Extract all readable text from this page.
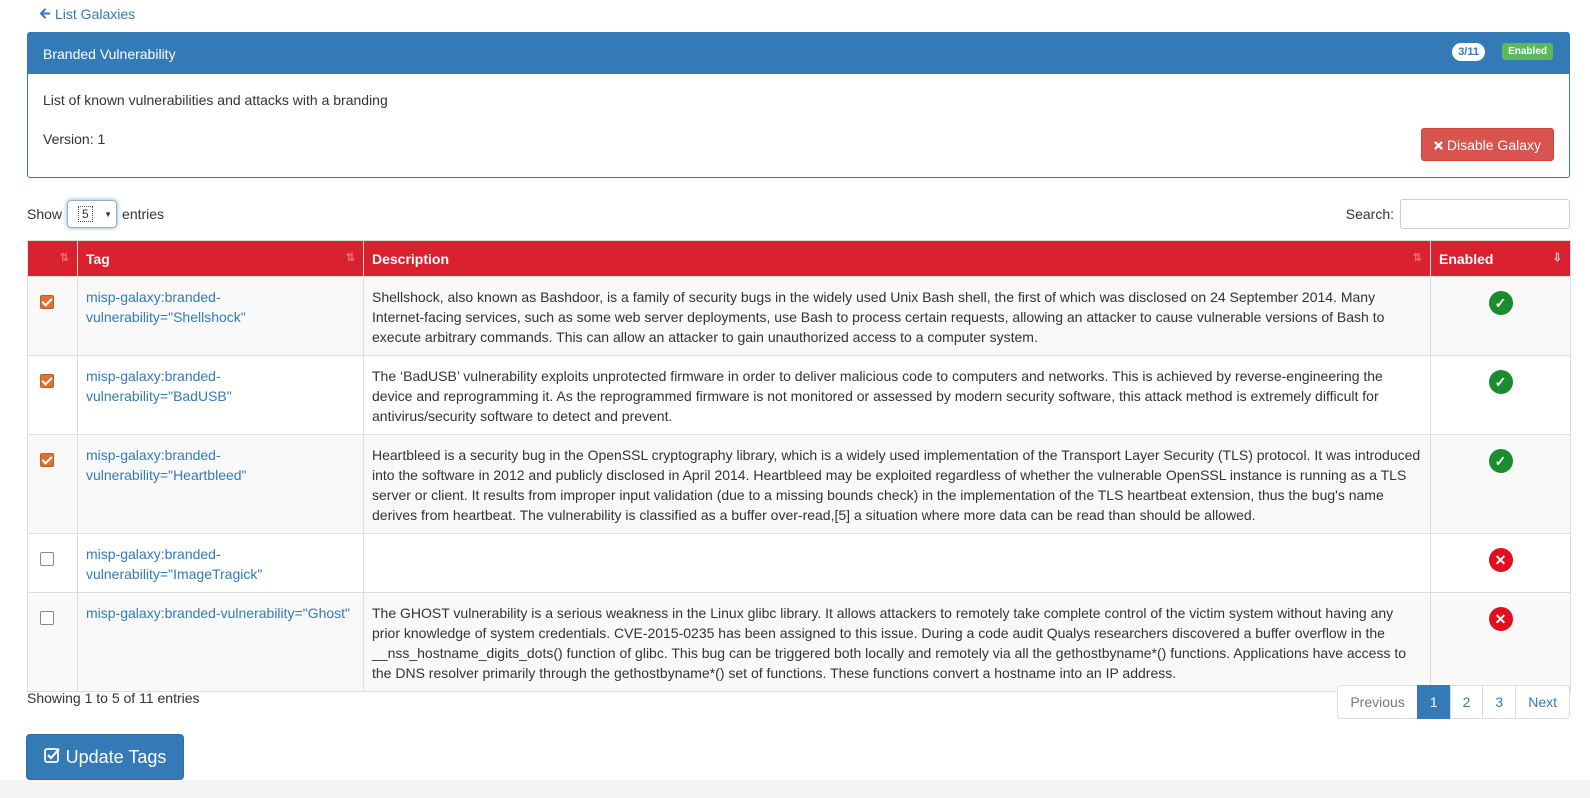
List Galaxies
Branded Vulnerability	3/11	Enabled
List of known vulnerabilities and attacks with a branding
Version: 1	Disable Galaxy
Show	5	▼ entries	Search:
⇅	Tag ⇅	Description ⇅	Enabled ⇩

	misp-galaxy:branded-vulnerability="Shellshock"	Shellshock, also known as Bashdoor, is a family of security bugs in the widely used Unix Bash shell, the first of which was disclosed on 24 September 2014. Many Internet-facing services, such as some web server deployments, use Bash to process certain requests, allowing an attacker to cause vulnerable versions of Bash to execute arbitrary commands. This can allow an attacker to gain unauthorized access to a computer system.	✓

	misp-galaxy:branded-vulnerability="BadUSB"	The ‘BadUSB’ vulnerability exploits unprotected firmware in order to deliver malicious code to computers and networks. This is achieved by reverse-engineering the device and reprogramming it. As the reprogrammed firmware is not monitored or assessed by modern security software, this attack method is extremely difficult for antivirus/security software to detect and prevent.	✓

	misp-galaxy:branded-vulnerability="Heartbleed"	Heartbleed is a security bug in the OpenSSL cryptography library, which is a widely used implementation of the Transport Layer Security (TLS) protocol. It was introduced into the software in 2012 and publicly disclosed in April 2014. Heartbleed may be exploited regardless of whether the vulnerable OpenSSL instance is running as a TLS server or client. It results from improper input validation (due to a missing bounds check) in the implementation of the TLS heartbeat extension, thus the bug's name derives from heartbeat. The vulnerability is classified as a buffer over-read,[5] a situation where more data can be read than should be allowed.	✓

	misp-galaxy:branded-vulnerability="ImageTragick"		✕

	misp-galaxy:branded-vulnerability="Ghost"	The GHOST vulnerability is a serious weakness in the Linux glibc library. It allows attackers to remotely take complete control of the victim system without having any prior knowledge of system credentials. CVE-2015-0235 has been assigned to this issue. During a code audit Qualys researchers discovered a buffer overflow in the __nss_hostname_digits_dots() function of glibc. This bug can be triggered both locally and remotely via all the gethostbyname*() functions. Applications have access to the DNS resolver primarily through the gethostbyname*() set of functions. These functions convert a hostname into an IP address.	✕
Showing 1 to 5 of 11 entries	Previous	1	2	3	Next
Update Tags
